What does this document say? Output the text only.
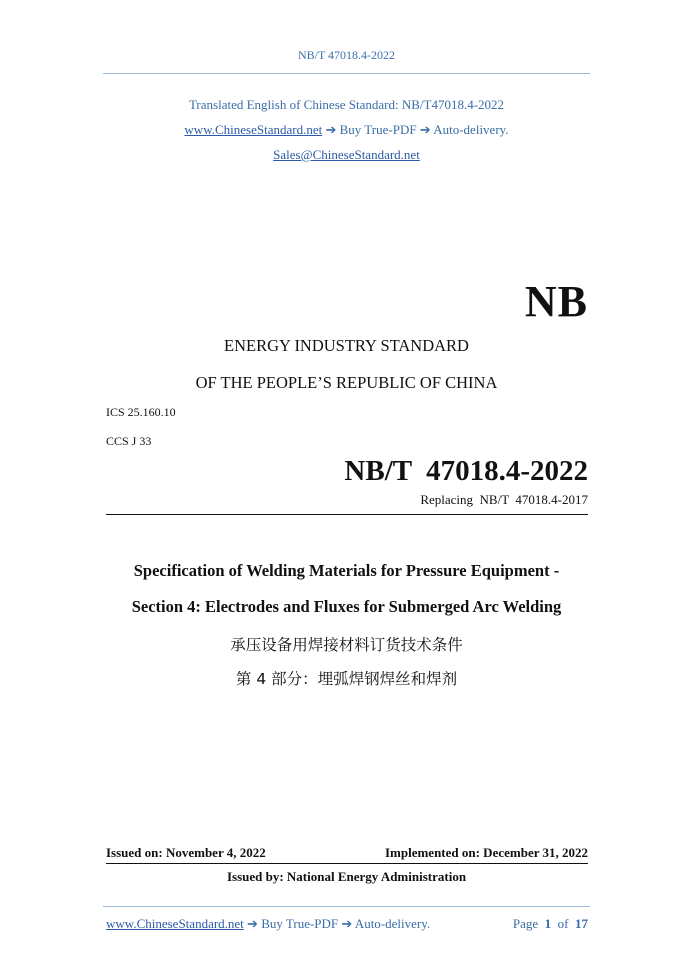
NB/T 47018.4-2022
Translated English of Chinese Standard: NB/T47018.4-2022
www.ChineseStandard.net ➔ Buy True-PDF ➔ Auto-delivery.
Sales@ChineseStandard.net
NB
ENERGY INDUSTRY STANDARD
OF THE PEOPLE’S REPUBLIC OF CHINA
ICS 25.160.10
CCS J 33
NB/T  47018.4-2022
Replacing  NB/T  47018.4-2017
Specification of Welding Materials for Pressure Equipment -
Section 4: Electrodes and Fluxes for Submerged Arc Welding
承压设备用焊接材料订货技术条件
第 4 部分：埋弧焊钢焊丝和焊剂
Issued on: November 4, 2022	Implemented on: December 31, 2022
Issued by: National Energy Administration
www.ChineseStandard.net ➔ Buy True-PDF ➔ Auto-delivery.	Page 1 of 17
